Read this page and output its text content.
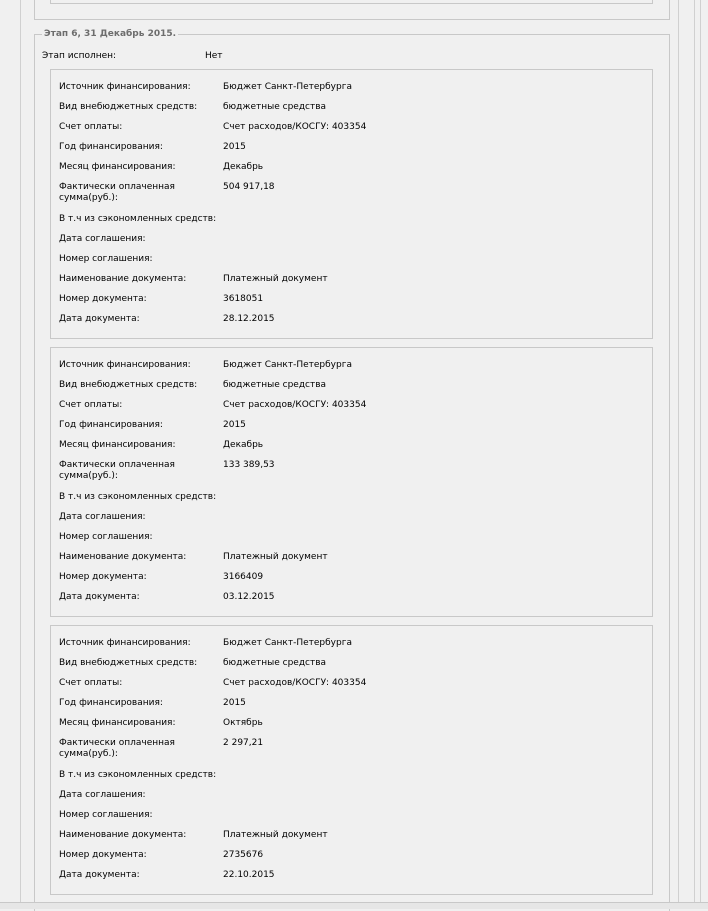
Этап 6, 31 Декабрь 2015.
Этап исполнен:	Нет
Источник финансирования:	Бюджет Санкт-Петербурга
Вид внебюджетных средств:	бюджетные средства
Счет оплаты:	Счет расходов/КОСГУ: 403354
Год финансирования:	2015
Месяц финансирования:	Декабрь
Фактически оплаченная сумма(руб.):
504 917,18
В т.ч из сэкономленных средств:
Дата соглашения:
Номер соглашения:
Наименование документа:	Платежный документ
Номер документа:	3618051
Дата документа:	28.12.2015
Источник финансирования:	Бюджет Санкт-Петербурга
Вид внебюджетных средств:	бюджетные средства
Счет оплаты:	Счет расходов/КОСГУ: 403354
Год финансирования:	2015
Месяц финансирования:	Декабрь
Фактически оплаченная сумма(руб.):
133 389,53
В т.ч из сэкономленных средств:
Дата соглашения:
Номер соглашения:
Наименование документа:	Платежный документ
Номер документа:	3166409
Дата документа:	03.12.2015
Источник финансирования:	Бюджет Санкт-Петербурга
Вид внебюджетных средств:	бюджетные средства
Счет оплаты:	Счет расходов/КОСГУ: 403354
Год финансирования:	2015
Месяц финансирования:	Октябрь
Фактически оплаченная сумма(руб.):
2 297,21
В т.ч из сэкономленных средств:
Дата соглашения:
Номер соглашения:
Наименование документа:	Платежный документ
Номер документа:	2735676
Дата документа:	22.10.2015
